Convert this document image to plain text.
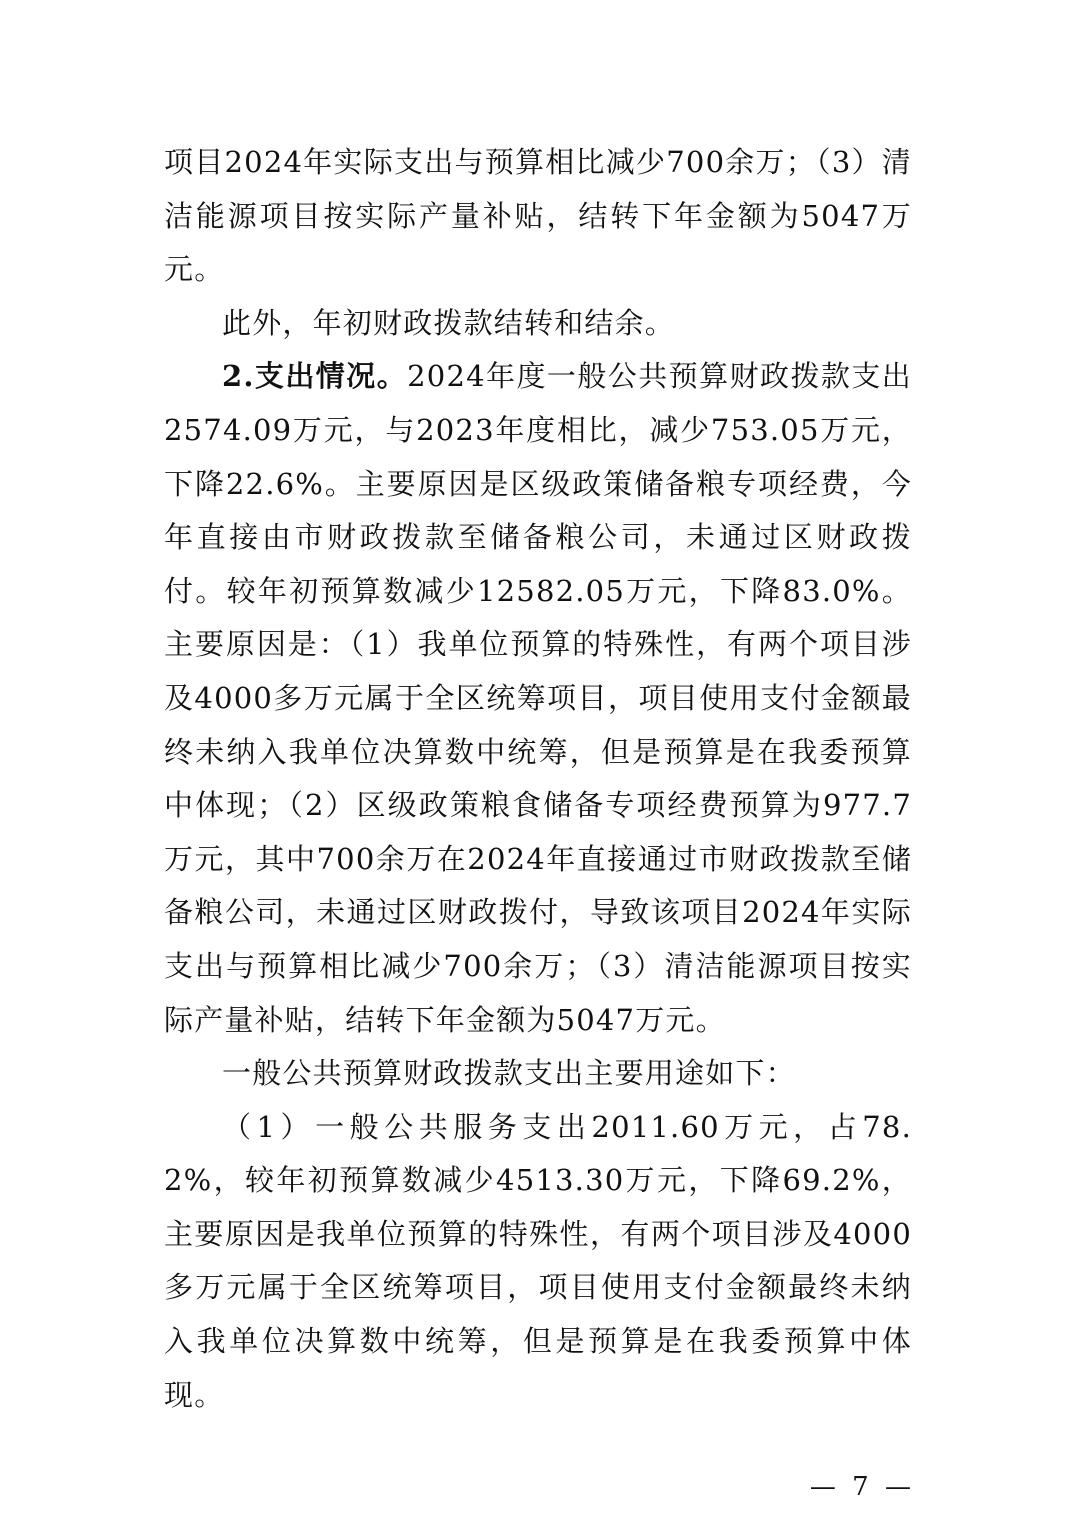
项目2024年实际支出与预算相比减少700余万；（3）清洁能源项目按实际产量补贴，结转下年金额为5047万元。

此外，年初财政拨款结转和结余。

2.支出情况。2024年度一般公共预算财政拨款支出2574.09万元，与2023年度相比，减少753.05万元，下降22.6%。主要原因是区级政策储备粮专项经费，今年直接由市财政拨款至储备粮公司，未通过区财政拨付。较年初预算数减少12582.05万元，下降83.0%。主要原因是：（1）我单位预算的特殊性，有两个项目涉及4000多万元属于全区统筹项目，项目使用支付金额最终未纳入我单位决算数中统筹，但是预算是在我委预算中体现；（2）区级政策粮食储备专项经费预算为977.7万元，其中700余万在2024年直接通过市财政拨款至储备粮公司，未通过区财政拨付，导致该项目2024年实际支出与预算相比减少700余万；（3）清洁能源项目按实际产量补贴，结转下年金额为5047万元。

一般公共预算财政拨款支出主要用途如下：

（1）一般公共服务支出2011.60万元，占78.2%，较年初预算数减少4513.30万元，下降69.2%，主要原因是我单位预算的特殊性，有两个项目涉及4000多万元属于全区统筹项目，项目使用支付金额最终未纳入我单位决算数中统筹，但是预算是在我委预算中体现。

— 7 —
